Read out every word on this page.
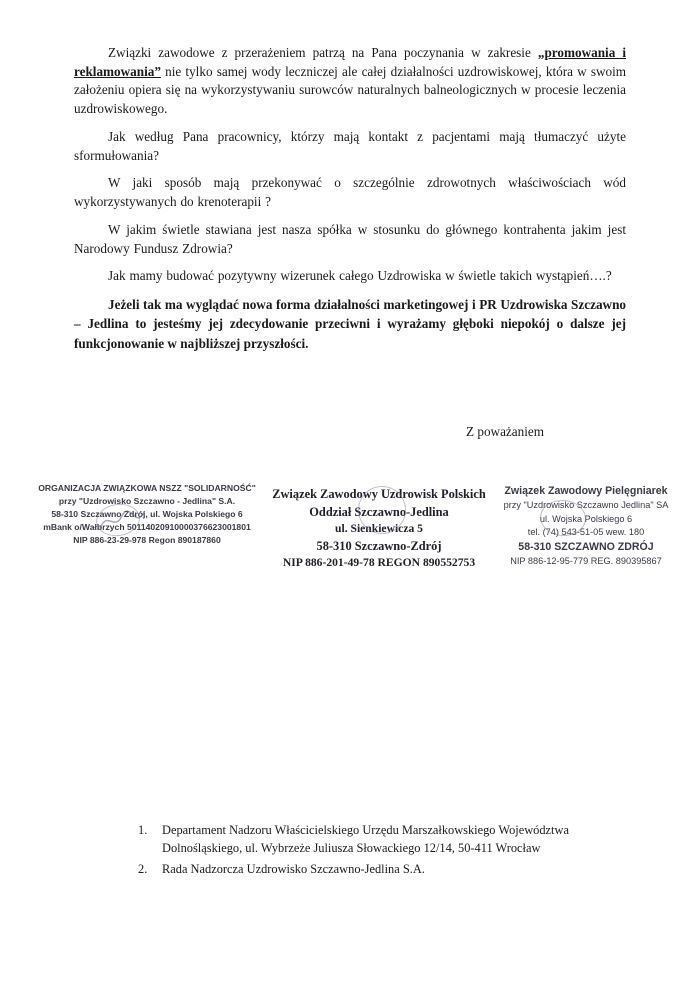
Związki zawodowe z przerażeniem patrzą na Pana poczynania w zakresie „promowania i reklamowania” nie tylko samej wody leczniczej ale całej działalności uzdrowiskowej, która w swoim założeniu opiera się na wykorzystywaniu surowców naturalnych balneologicznych w procesie leczenia uzdrowiskowego.

Jak według Pana pracownicy, którzy mają kontakt z pacjentami mają tłumaczyć użyte sformułowania?

W jaki sposób mają przekonywać o szczególnie zdrowotnych właściwościach wód wykorzystywanych do krenoterapii ?

W jakim świetle stawiana jest nasza spółka w stosunku do głównego kontrahenta jakim jest Narodowy Fundusz Zdrowia?

Jak mamy budować pozytywny wizerunek całego Uzdrowiska w świetle takich wystąpień….?

Jeżeli tak ma wyglądać nowa forma działalności marketingowej i PR Uzdrowiska Szczawno – Jedlina to jesteśmy jej zdecydowanie przeciwni i wyrażamy głęboki niepokój o dalsze jej funkcjonowanie w najbliższej przyszłości.

Z poważaniem
ORGANIZACJA ZWIĄZKOWA NSZZ "SOLIDARNOŚĆ"
przy "Uzdrowisko Szczawno - Jedlina" S.A.
58-310 Szczawno Zdrój, ul. Wojska Polskiego 6
mBank o/Wałbrzych 50114020910000376623001801
NIP 886-23-29-978 Regon 890187860
Związek Zawodowy Uzdrowisk Polskich
Oddział Szczawno-Jedlina
ul. Sienkiewicza 5
58-310 Szczawno-Zdrój
NIP 886-201-49-78 REGON 890552753
Związek Zawodowy Pielęgniarek
przy "Uzdrowisko Szczawno Jedlina" SA
ul. Wojska Polskiego 6
tel. (74) 543-51-05 wew. 180
58-310 SZCZAWNO ZDRÓJ
NIP 886-12-95-779 REG. 890395867
1.	Departament Nadzoru Właścicielskiego Urzędu Marszałkowskiego Województwa
Dolnośląskiego, ul. Wybrzeże Juliusza Słowackiego 12/14, 50-411 Wrocław
2.	Rada Nadzorcza Uzdrowisko Szczawno-Jedlina S.A.
